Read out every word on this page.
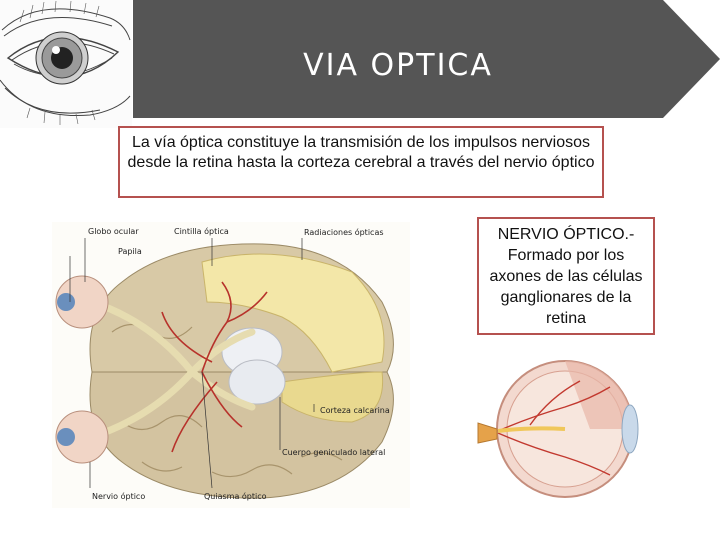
VIA OPTICA
La vía óptica constituye la transmisión de los impulsos nerviosos desde la retina hasta la corteza cerebral a través del nervio óptico
Globo ocular	Cintilla óptica	Radiaciones ópticas
Papila
Corteza calcarina
Cuerpo geniculado lateral
Nervio óptico	Quiasma óptico
NERVIO ÓPTICO.- Formado por los axones de las células ganglionares de la retina
